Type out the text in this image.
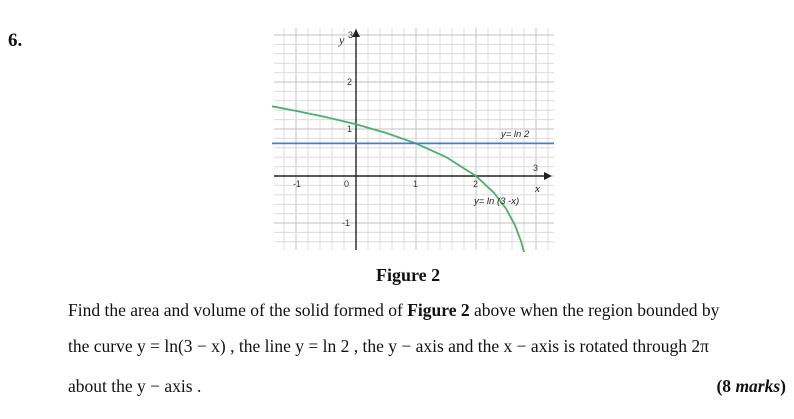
6.
-1	0	1	2
3
3
2
1
-1
y
x
y= ln 2
y= ln (3 -x)
Figure 2
Find the area and volume of the solid formed of Figure 2 above when the region bounded by
the curve y = ln(3 − x) , the line y = ln 2 , the y − axis and the x − axis is rotated through 2π
about the y − axis .	(8 marks)
